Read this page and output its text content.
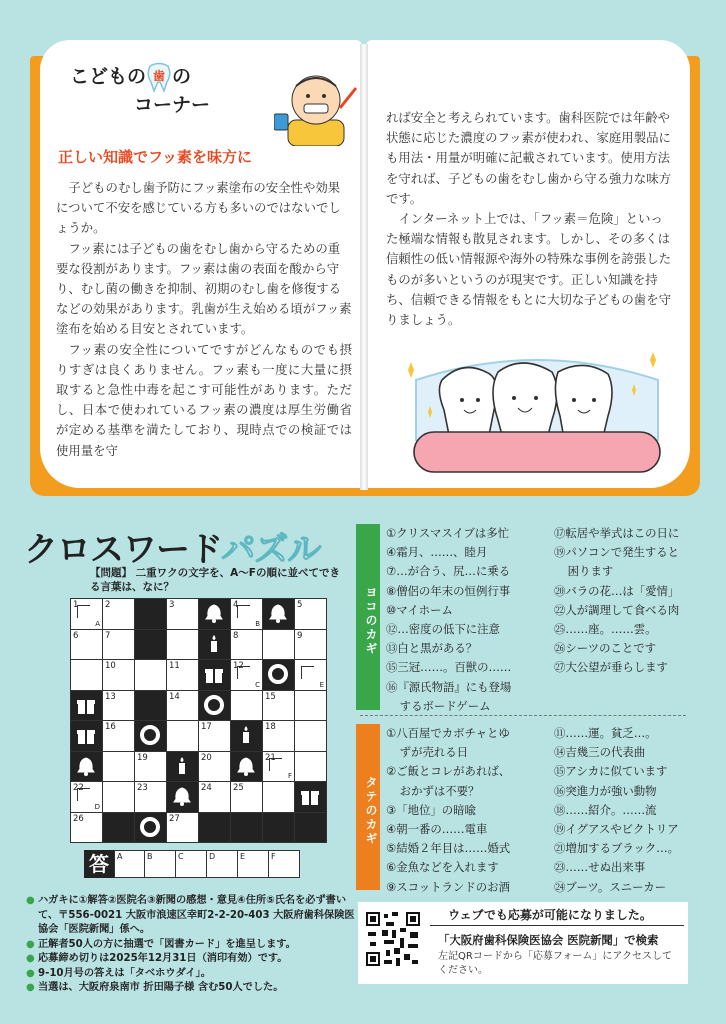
こどもの 歯 の
コーナー
正しい知識でフッ素を味方に

子どものむし歯予防にフッ素塗布の安全性や効果について不安を感じている方も多いのではないでしょうか。

フッ素には子どもの歯をむし歯から守るための重要な役割があります。フッ素は歯の表面を酸から守り、むし菌の働きを抑制、初期のむし歯を修復するなどの効果があります。乳歯が生え始める頃がフッ素塗布を始める目安とされています。

フッ素の安全性についてですがどんなものでも摂りすぎは良くありません。フッ素も一度に大量に摂取すると急性中毒を起こす可能性があります。ただし、日本で使われているフッ素の濃度は厚生労働省が定める基準を満たしており、現時点での検証では使用量を守

れば安全と考えられています。歯科医院では年齢や状態に応じた濃度のフッ素が使われ、家庭用製品にも用法・用量が明確に記載されています。使用方法を守れば、子どもの歯をむし歯から守る強力な味方です。

インターネット上では、「フッ素＝危険」といった極端な情報も散見されます。しかし、その多くは信頼性の低い情報源や海外の特殊な事例を誇張したものが多いというのが現実です。正しい知識を持ち、信頼できる情報をもとに大切な子どもの歯を守りましょう。

クロスワードパズル
【問題】 二重ワクの文字を、A～Fの順に並べてできる言葉は、なに？
1
A
2	3	4
B
5
6	7	8	9
10	11	12
C	E
13	14	15
16	17	18
19	20	21
F
22
D
23	24 25
26	27
答	A	B	C	D	E	F
● ハガキに①解答②医院名③新聞の感想・意見④住所⑤氏名を必ず書いて、〒556-0021 大阪市浪速区幸町2-2-20-403 大阪府歯科保険医協会「医院新聞」係へ。
● 正解者50人の方に抽選で「図書カード」を進呈します。
● 応募締め切りは2025年12月31日（消印有効）です。
● 9-10月号の答えは「タベホウダイ」。
● 当選は、大阪府泉南市 折田陽子様 含む50人でした。
ヨコのカギ
①クリスマスイブは多忙
④霜月、……、睦月
⑦…が合う、尻…に乗る
⑧僧侶の年末の恒例行事
⑩マイホーム
⑫…密度の低下に注意
⑬白と黒がある？
⑮三冠……。百獣の……
⑯『源氏物語』にも登場
するボードゲーム
⑰転居や挙式はこの日に
⑲パソコンで発生すると
困ります
⑳バラの花…は「愛情」
㉒人が調理して食べる肉
㉕……座。……雲。
㉖シーツのことです
㉗大公望が垂らします
タテのカギ
①八百屋でカボチャとゆ
ずが売れる日
②ご飯とコレがあれば、
おかずは不要？
③「地位」の暗喩
④朝一番の……電車
⑤結婚２年目は……婚式
⑥金魚などを入れます
⑨スコットランドのお酒
⑪……運。貧乏…。
⑭吉幾三の代表曲
⑮アシカに似ています
⑯突進力が強い動物
⑱……紹介。……流
⑲イグアスやビクトリア
㉑増加するブラック…。
㉓……せぬ出来事
㉔ブーツ。スニーカー
ウェブでも応募が可能になりました。
「大阪府歯科保険医協会 医院新聞」で検索
左記QRコードから「応募フォーム」にアクセスしてください。
